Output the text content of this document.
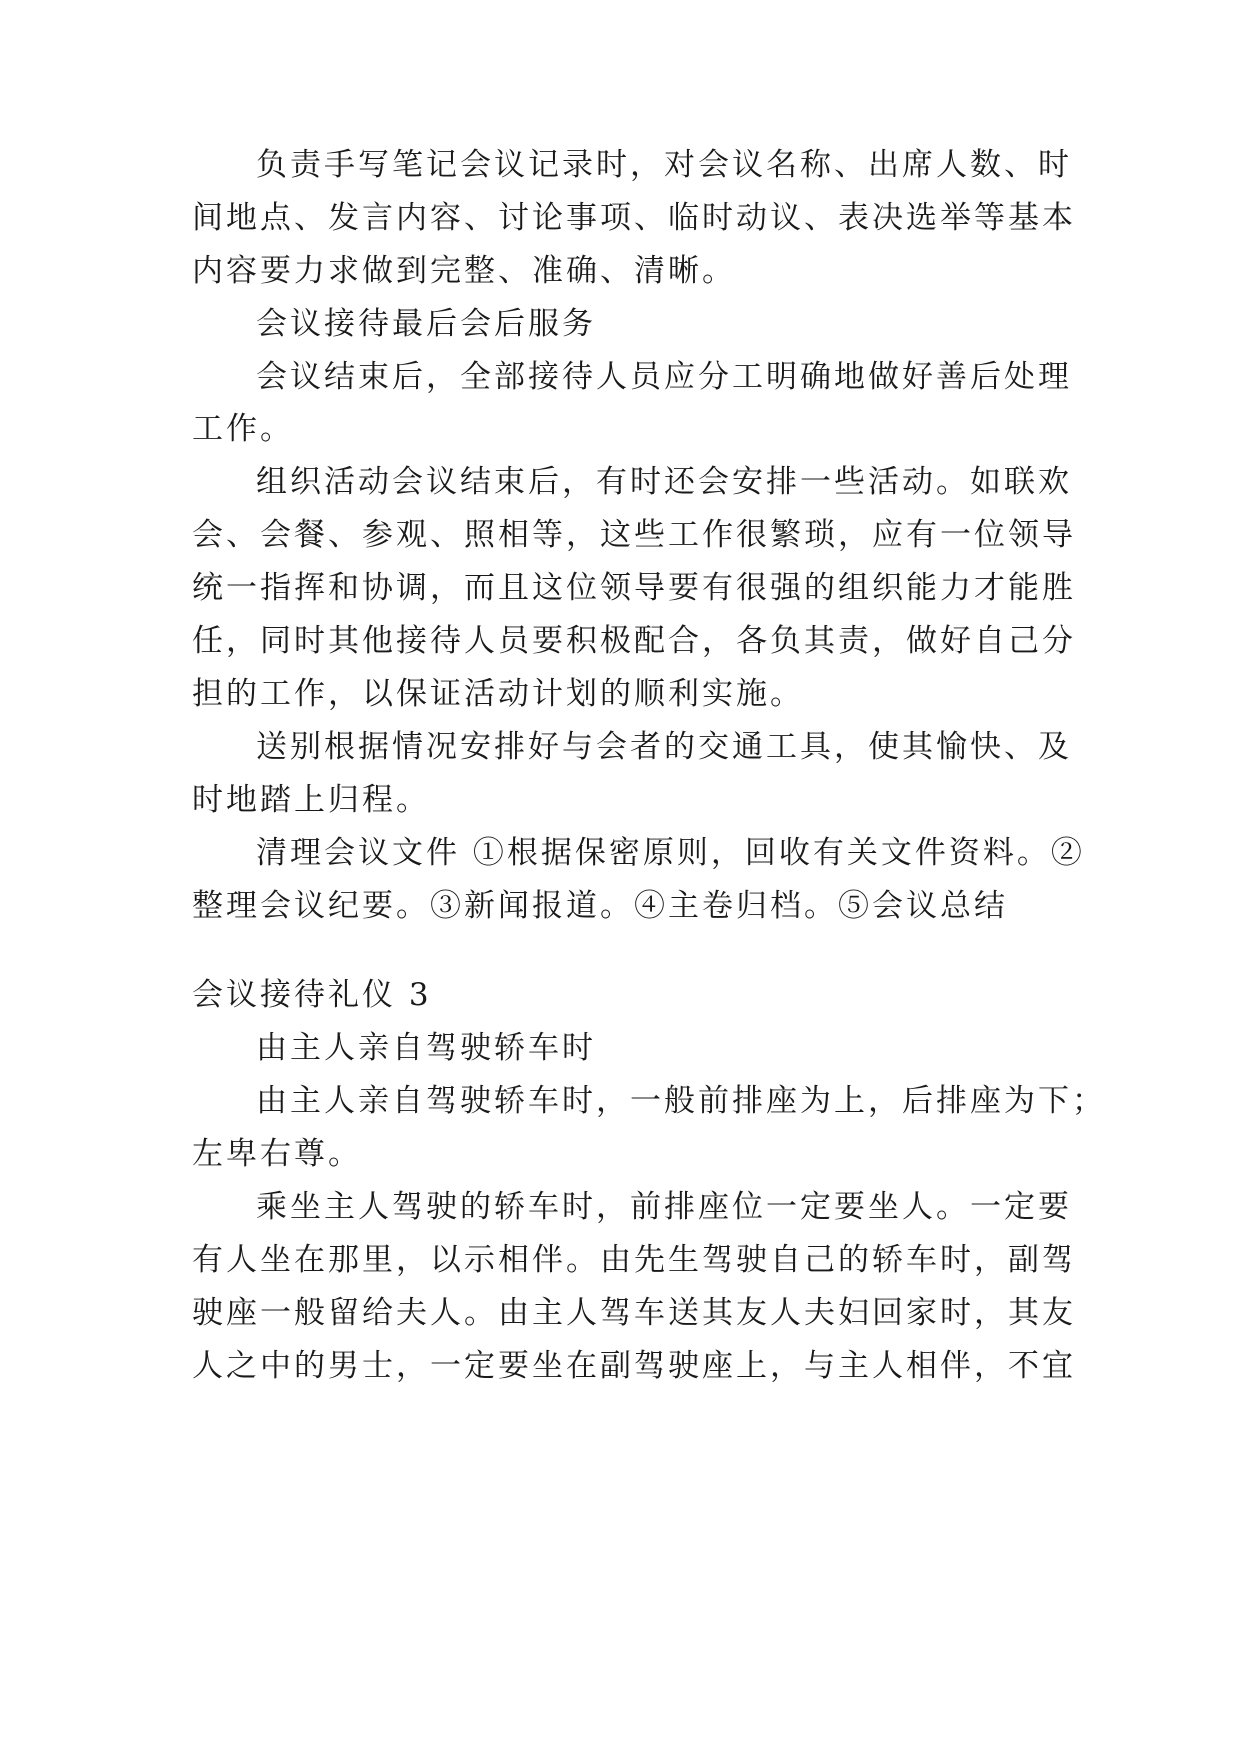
负责手写笔记会议记录时，对会议名称、出席人数、时
间地点、发言内容、讨论事项、临时动议、表决选举等基本
内容要力求做到完整、准确、清晰。
会议接待最后会后服务
会议结束后，全部接待人员应分工明确地做好善后处理
工作。
组织活动会议结束后，有时还会安排一些活动。如联欢
会、会餐、参观、照相等，这些工作很繁琐，应有一位领导
统一指挥和协调，而且这位领导要有很强的组织能力才能胜
任，同时其他接待人员要积极配合，各负其责，做好自己分
担的工作，以保证活动计划的顺利实施。
送别根据情况安排好与会者的交通工具，使其愉快、及
时地踏上归程。
清理会议文件 ①根据保密原则，回收有关文件资料。②
整理会议纪要。③新闻报道。④主卷归档。⑤会议总结
会议接待礼仪 3
由主人亲自驾驶轿车时
由主人亲自驾驶轿车时，一般前排座为上，后排座为下；
左卑右尊。
乘坐主人驾驶的轿车时，前排座位一定要坐人。一定要
有人坐在那里，以示相伴。由先生驾驶自己的轿车时，副驾
驶座一般留给夫人。由主人驾车送其友人夫妇回家时，其友
人之中的男士，一定要坐在副驾驶座上，与主人相伴，不宜
